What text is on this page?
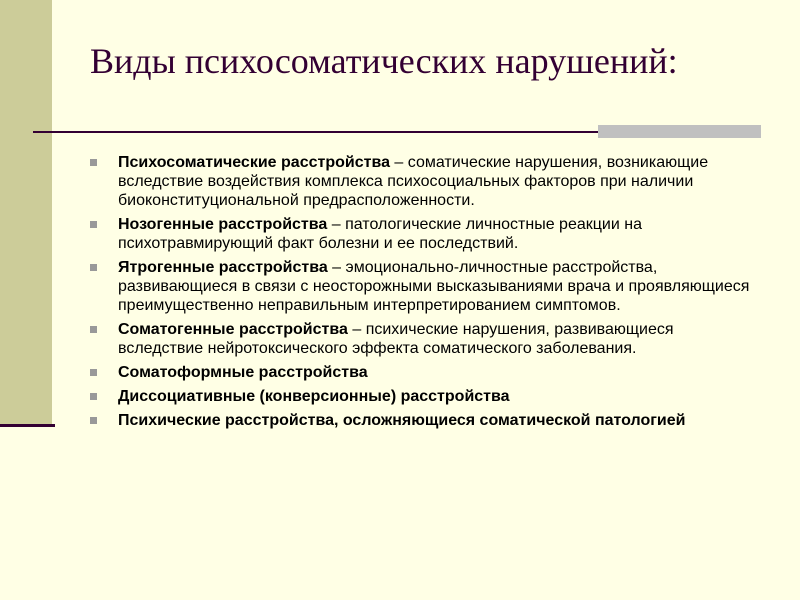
Виды психосоматических нарушений:
Психосоматические расстройства – соматические нарушения, возникающие вследствие воздействия комплекса психосоциальных факторов при наличии биоконституциональной предрасположенности.
Нозогенные расстройства – патологические личностные реакции на психотравмирующий факт болезни и ее последствий.
Ятрогенные расстройства – эмоционально-личностные расстройства, развивающиеся в связи с неосторожными высказываниями врача и проявляющиеся преимущественно неправильным интерпретированием симптомов.
Соматогенные расстройства – психические нарушения, развивающиеся вследствие нейротоксического эффекта соматического заболевания.
Соматоформные расстройства
Диссоциативные (конверсионные) расстройства
Психические расстройства, осложняющиеся соматической патологией
